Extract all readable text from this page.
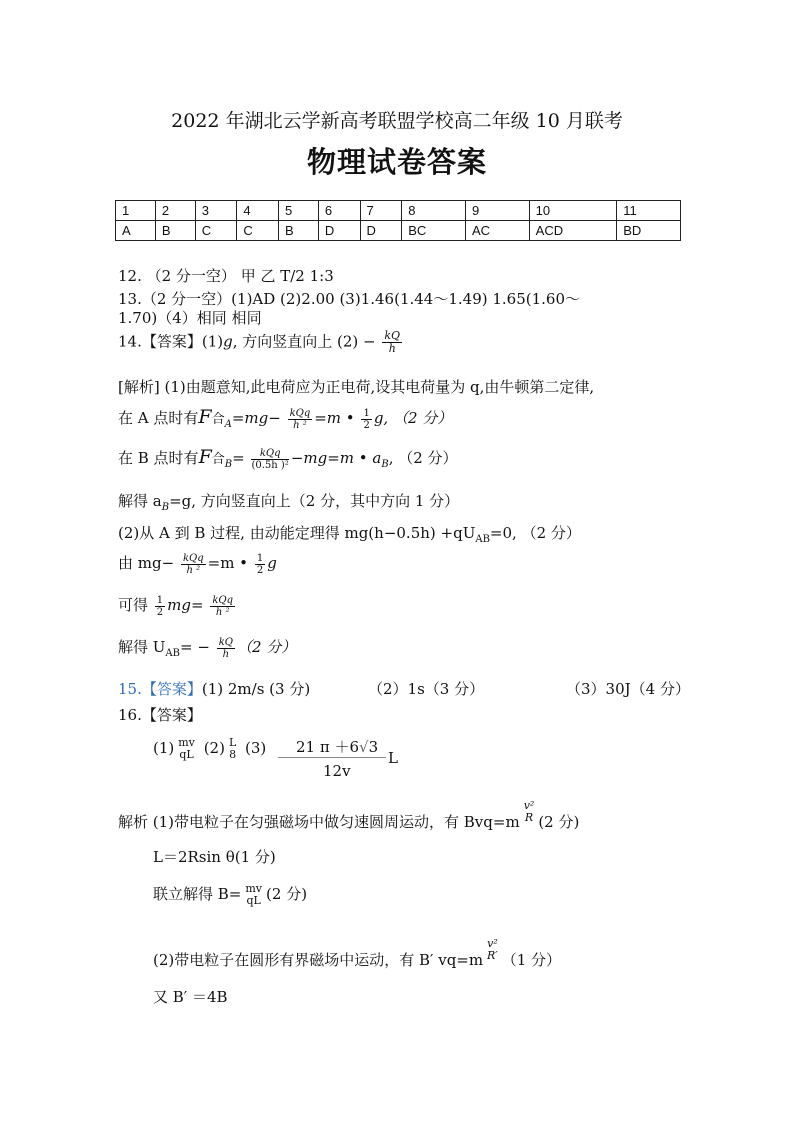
2022 年湖北云学新高考联盟学校高二年级 10 月联考
物理试卷答案
1	2	3	4	5	6	7	8	9	10	11
A	B	C	C	B	D	D	BC	AC	ACD	BD
12. （2 分一空） 甲 乙 T/2 1:3
13.（2 分一空）(1)AD (2)2.00 (3)1.46(1.44～1.49) 1.65(1.60～
1.70)（4）相同 相同
14.【答案】(1)g, 方向竖直向上 $(2) - \frac{kQ}{h}$
[解析] (1)由题意知,此电荷应为正电荷,设其电荷量为 q,由牛顿第二定律,
在 A 点时有F合$_A=mg- \frac{\text{kQq}}{\text{h ²}} =m$ • $\frac{1}{2} g$, （2 分）
在 B 点时有F合$_B= \frac{\text{kQq}}{\text{(0.5h )²}} -mg=m$ • $a_B$, （2 分）
解得 $a_B=g$, 方向竖直向上（2 分，其中方向 1 分）
(2)从 A 到 B 过程, 由动能定理得 $mg(h-0.5h) +qU_{AB}=0$, （2 分）
由 $mg- \frac{\text{kQq}}{\text{h ²}} =m$ • $\frac{1}{2}$ g
可得 $\frac{1}{2} mg= \frac{\text{kQq}}{\text{h ²}}$
解得 $U_{AB}= - \frac{kQ}{h} (2$ 分）
15.【答案】(1) 2m/s (3 分)	（2）1s（3 分）	（3）30J（4 分）
16.【答案】
(1) mv
qL (2) L
8 (3) 21 π ＋6√3
12v
L
解析 (1)带电粒子在匀强磁场中做匀速圆周运动，有 Bvq=m
v²
R (2 分)
L＝2Rsin θ(1 分)
联立解得 B= mv
qL (2 分)
(2)带电粒子在圆形有界磁场中运动，有 B′ vq=m
v²
R′ （1 分）
又 B′ ＝4B
